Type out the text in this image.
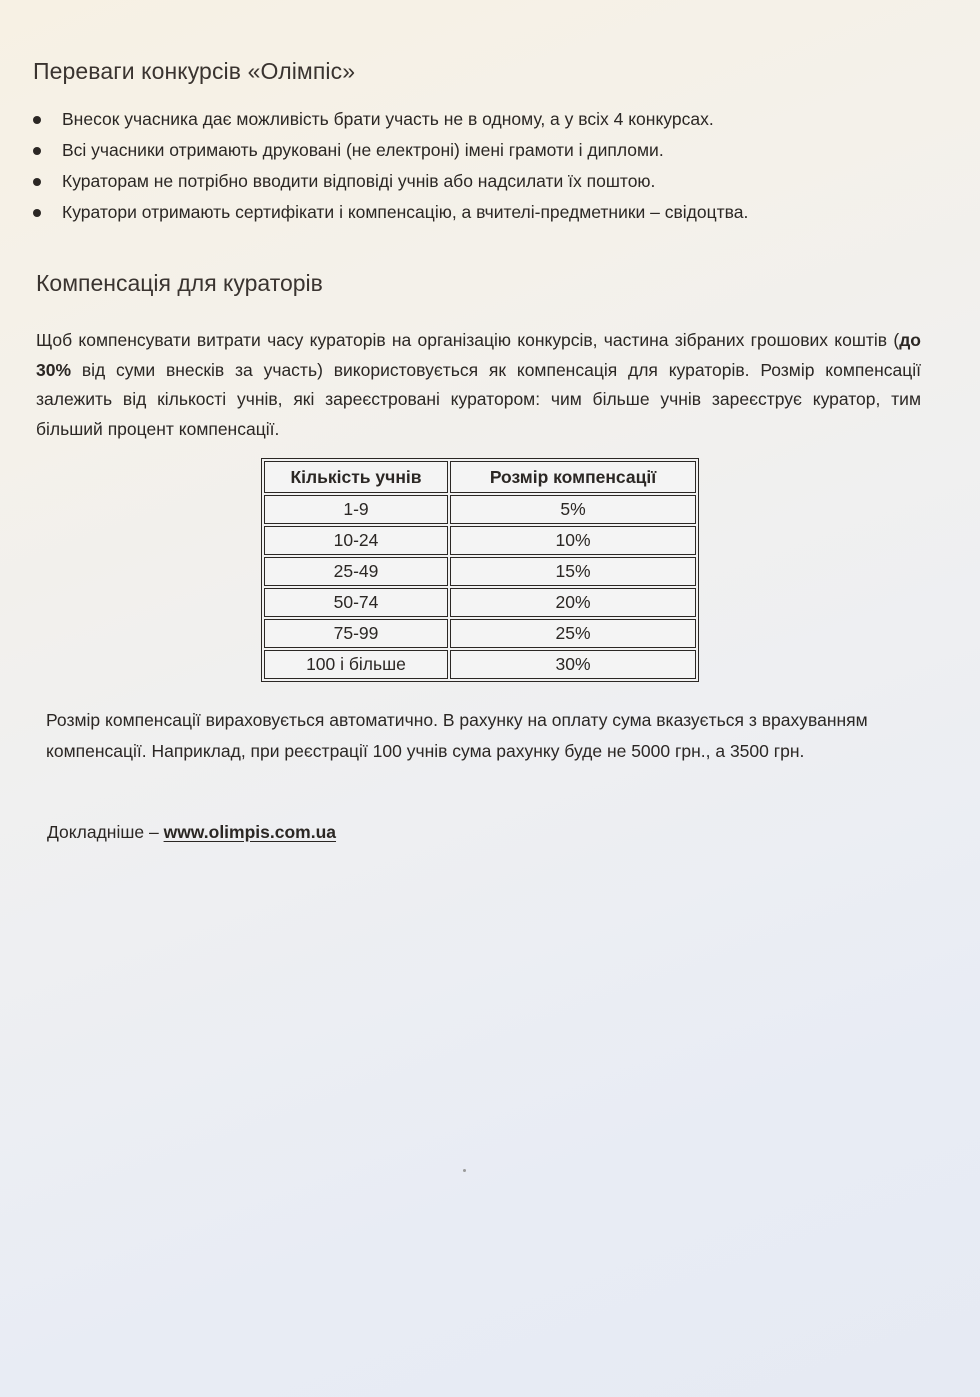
Переваги конкурсів «Олімпіс»
Внесок учасника дає можливість брати участь не в одному, а у всіх 4 конкурсах.
Всі учасники отримають друковані (не електроні) імені грамоти і дипломи.
Кураторам не потрібно вводити відповіді учнів або надсилати їх поштою.
Куратори отримають сертифікати і компенсацію, а вчителі-предметники – свідоцтва.
Компенсація для кураторів

Щоб компенсувати витрати часу кураторів на організацію конкурсів, частина зібраних грошових коштів (до 30% від суми внесків за участь) використовується як компенсація для кураторів. Розмір компенсації залежить від кількості учнів, які зареєстровані куратором: чим більше учнів зареєструє куратор, тим більший процент компенсації.

Кількість учнів	Розмір компенсації
1-9	5%
10-24	10%
25-49	15%
50-74	20%
75-99	25%
100 і більше	30%

Розмір компенсації вираховується автоматично. В рахунку на оплату сума вказується з врахуванням компенсації. Наприклад, при реєстрації 100 учнів сума рахунку буде не 5000 грн., а 3500 грн.

Докладніше – www.olimpis.com.ua
